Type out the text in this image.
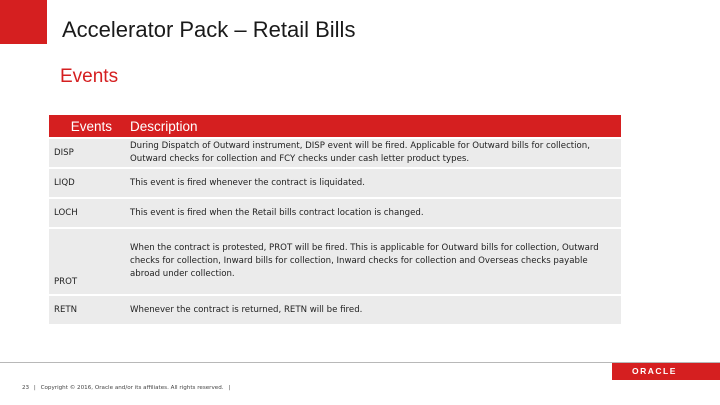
Accelerator Pack – Retail Bills
Events
Events	Description
DISP	During Dispatch of Outward instrument, DISP event will be fired. Applicable for Outward bills for collection, Outward checks for collection and FCY checks under cash letter product types.
LIQD	This event is fired whenever the contract is liquidated.
LOCH	This event is fired when the Retail bills contract location is changed.
PROT	When the contract is protested, PROT will be fired. This is applicable for Outward bills for collection, Outward checks for collection, Inward bills for collection, Inward checks for collection and Overseas checks payable abroad under collection.
RETN	Whenever the contract is returned, RETN will be fired.
ORACLE
23 | Copyright © 2016, Oracle and/or its affiliates. All rights reserved. |
